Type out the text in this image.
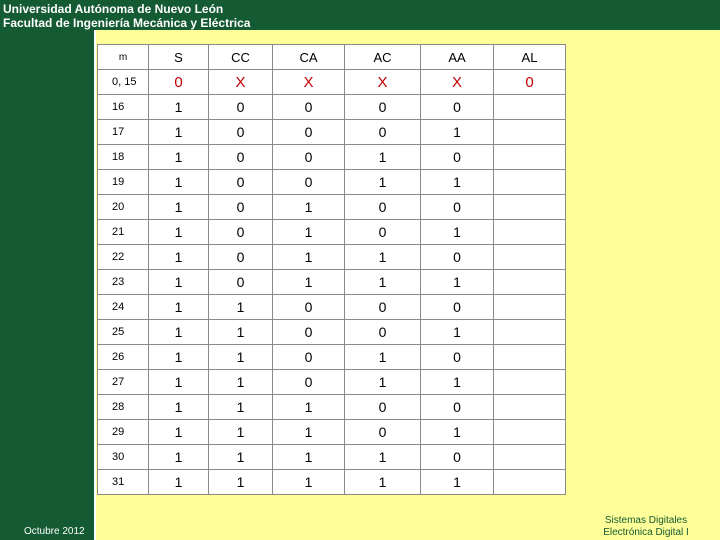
Universidad Autónoma de Nuevo León
Facultad de Ingeniería Mecánica y Eléctrica
m	S	CC	CA	AC	AA	AL
0, 15	0	X	X	X	X	0
16	1	0	0	0	0	
17	1	0	0	0	1	
18	1	0	0	1	0	
19	1	0	0	1	1	
20	1	0	1	0	0	
21	1	0	1	0	1	
22	1	0	1	1	0	
23	1	0	1	1	1	
24	1	1	0	0	0	
25	1	1	0	0	1	
26	1	1	0	1	0	
27	1	1	0	1	1	
28	1	1	1	0	0	
29	1	1	1	0	1	
30	1	1	1	1	0	
31	1	1	1	1	1	
Octubre 2012
Sistemas Digitales
Electrónica Digital I
